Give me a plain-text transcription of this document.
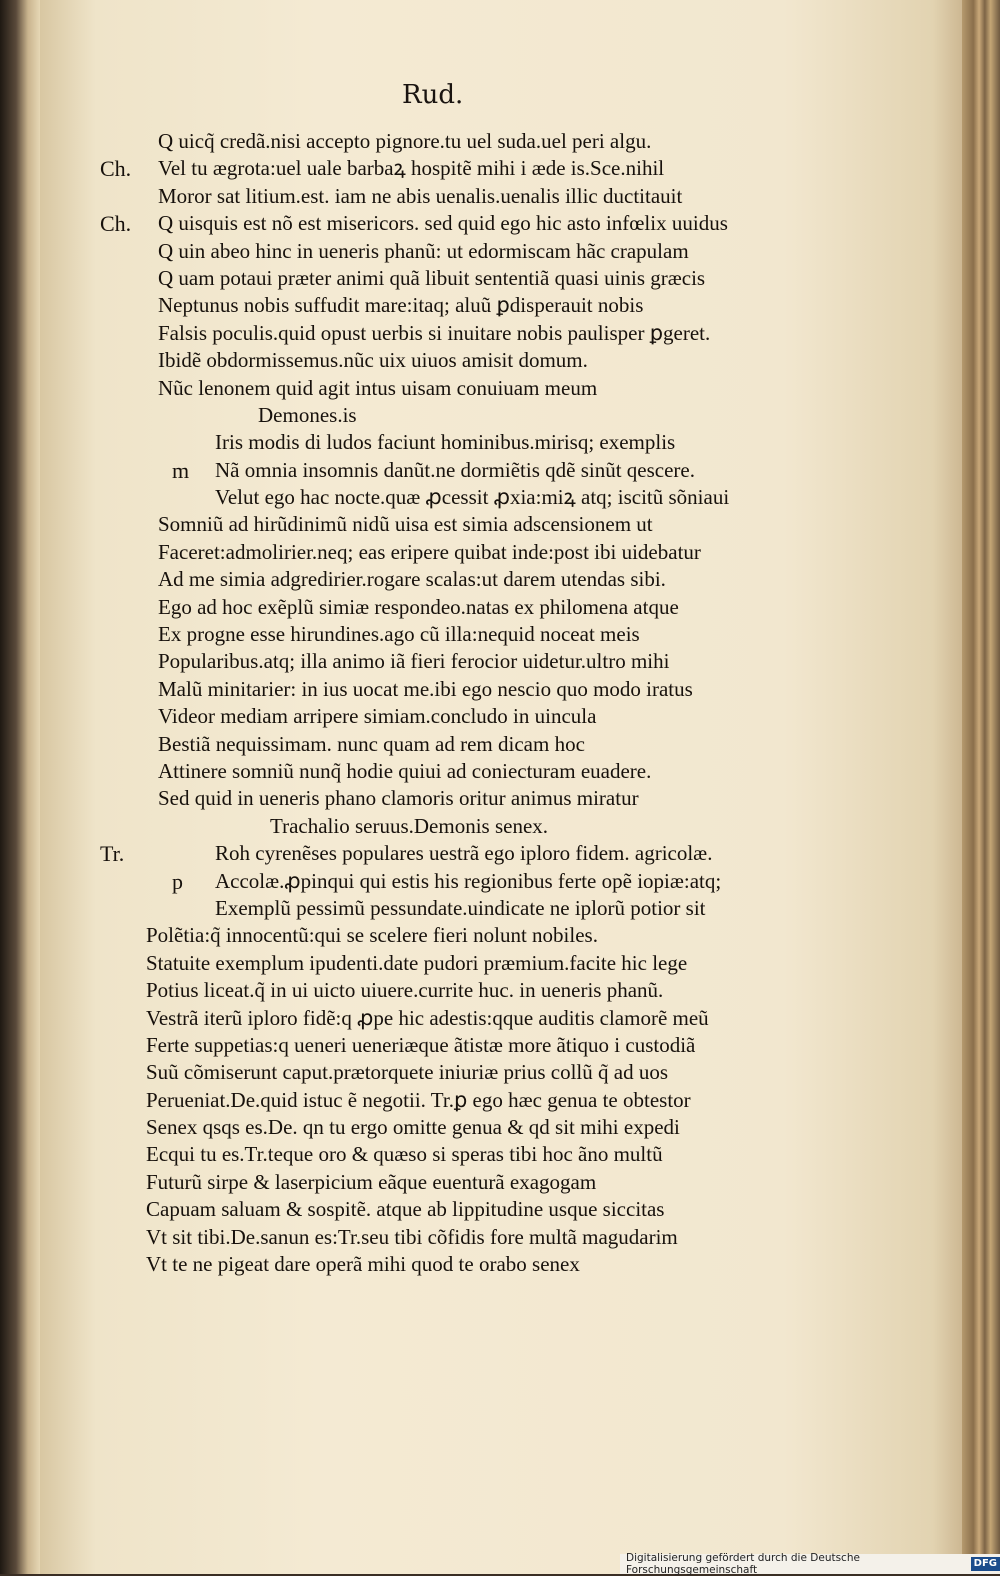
Rud.
Q uicq̃ credã.nisi accepto pignore.tu uel suda.uel peri algu.
Ch. Vel tu ægrota:uel uale barbaꝝ hospitẽ mihi i æde is.Sce.nihil
Moror sat litium.est. iam ne abis uenalis.uenalis illic ductitauit
Ch. Q uisquis est nõ est misericors. sed quid ego hic asto infœlix uuidus
Q uin abeo hinc in ueneris phanũ: ut edormiscam hãc crapulam
Q uam potaui præter animi quã libuit sententiã quasi uinis græcis
Neptunus nobis suffudit mare:itaq; aluũ ꝑdisperauit nobis
Falsis poculis.quid opust uerbis si inuitare nobis paulisper ꝑgeret.
Ibidẽ obdormissemus.nũc uix uiuos amisit domum.
Nũc lenonem quid agit intus uisam conuiuam meum
Demones.is
Iris modis di ludos faciunt hominibus.mirisq; exemplis
m Nã omnia insomnis danũt.ne dormiẽtis qdẽ sinũt qescere.
Velut ego hac nocte.quæ ꝓcessit ꝓxia:miꝝ atq; iscitũ sõniaui
Somniũ ad hirũdinimũ nidũ uisa est simia adscensionem ut
Faceret:admolirier.neq; eas eripere quibat inde:post ibi uidebatur
Ad me simia adgredirier.rogare scalas:ut darem utendas sibi.
Ego ad hoc exẽplũ simiæ respondeo.natas ex philomena atque
Ex progne esse hirundines.ago cũ illa:nequid noceat meis
Popularibus.atq; illa animo iã fieri ferocior uidetur.ultro mihi
Malũ minitarier: in ius uocat me.ibi ego nescio quo modo iratus
Videor mediam arripere simiam.concludo in uincula
Bestiã nequissimam. nunc quam ad rem dicam hoc
Attinere somniũ nunq̃ hodie quiui ad coniecturam euadere.
Sed quid in ueneris phano clamoris oritur animus miratur
Trachalio seruus.Demonis senex.
Tr.	Roh cyrenẽses populares uestrã ego iploro fidem. agricolæ.
p Accolæ.ꝓpinqui qui estis his regionibus ferte opẽ iopiæ:atq;
Exemplũ pessimũ pessundate.uindicate ne iplorũ potior sit
Polẽtia:q̃ innocentũ:qui se scelere fieri nolunt nobiles.
Statuite exemplum ipudenti.date pudori præmium.facite hic lege
Potius liceat.q̃ in ui uicto uiuere.currite huc. in ueneris phanũ.
Vestrã iterũ iploro fidẽ:q ꝓpe hic adestis:qque auditis clamorẽ meũ
Ferte suppetias:q ueneri ueneriæque ãtistæ more ãtiquo i custodiã
Suũ cõmiserunt caput.prætorquete iniuriæ prius collũ q̃ ad uos
Perueniat.De.quid istuc ẽ negotii. Tr.ꝑ ego hæc genua te obtestor
Senex qsqs es.De. qn tu ergo omitte genua & qd sit mihi expedi
Ecqui tu es.Tr.teque oro & quæso si speras tibi hoc ãno multũ
Futurũ sirpe & laserpicium eãque euenturã exagogam
Capuam saluam & sospitẽ. atque ab lippitudine usque siccitas
Vt sit tibi.De.sanun es:Tr.seu tibi cõfidis fore multã magudarim
Vt te ne pigeat dare operã mihi quod te orabo senex
Digitalisierung gefördert durch die Deutsche Forschungsgemeinschaft
DFG
